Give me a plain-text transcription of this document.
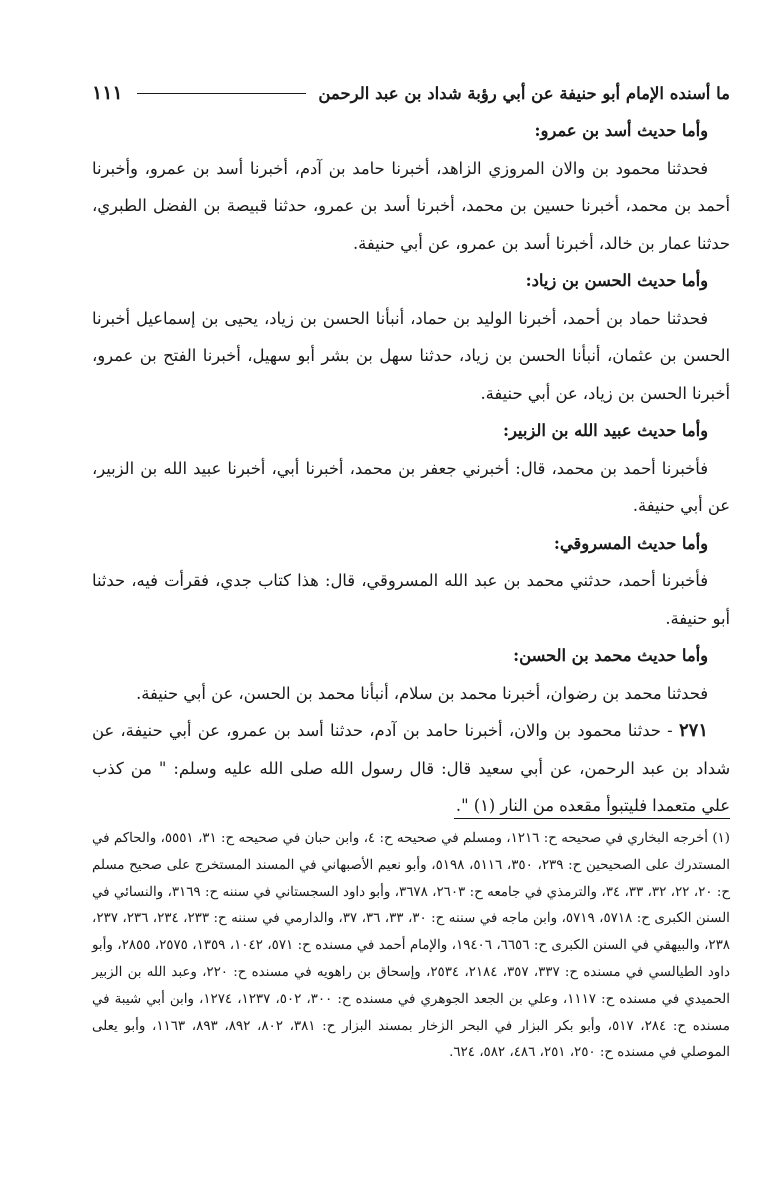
ما أسنده الإمام أبو حنيفة عن أبي رؤبة شداد بن عبد الرحمن
١١١

وأما حديث أسد بن عمرو:

فحدثنا محمود بن والان المروزي الزاهد، أخبرنا حامد بن آدم، أخبرنا أسد بن عمرو، وأخبرنا أحمد بن محمد، أخبرنا حسين بن محمد، أخبرنا أسد بن عمرو، حدثنا قبيصة بن الفضل الطبري، حدثنا عمار بن خالد، أخبرنا أسد بن عمرو، عن أبي حنيفة.

وأما حديث الحسن بن زياد:

فحدثنا حماد بن أحمد، أخبرنا الوليد بن حماد، أنبأنا الحسن بن زياد، يحيى بن إسماعيل أخبرنا الحسن بن عثمان، أنبأنا الحسن بن زياد، حدثنا سهل بن بشر أبو سهيل، أخبرنا الفتح بن عمرو، أخبرنا الحسن بن زياد، عن أبي حنيفة.

وأما حديث عبيد الله بن الزبير:

فأخبرنا أحمد بن محمد، قال: أخبرني جعفر بن محمد، أخبرنا أبي، أخبرنا عبيد الله بن الزبير، عن أبي حنيفة.

وأما حديث المسروقي:

فأخبرنا أحمد، حدثني محمد بن عبد الله المسروقي، قال: هذا كتاب جدي، فقرأت فيه، حدثنا أبو حنيفة.

وأما حديث محمد بن الحسن:

فحدثنا محمد بن رضوان، أخبرنا محمد بن سلام، أنبأنا محمد بن الحسن، عن أبي حنيفة.

٢٧١ - حدثنا محمود بن والان، أخبرنا حامد بن آدم، حدثنا أسد بن عمرو، عن أبي حنيفة، عن شداد بن عبد الرحمن، عن أبي سعيد قال: قال رسول الله صلى الله عليه وسلم: " من كذب علي متعمدا فليتبوأ مقعده من النار (١) ".

(١) أخرجه البخاري في صحيحه ح: ١٢١٦، ومسلم في صحيحه ح: ٤، وابن حبان في صحيحه ح: ٣١، ٥٥٥١، والحاكم في المستدرك على الصحيحين ح: ٢٣٩، ٣٥٠، ٥١١٦، ٥١٩٨، وأبو نعيم الأصبهاني في المسند المستخرج على صحيح مسلم ح: ٢٠، ٢٢، ٣٢، ٣٣، ٣٤، والترمذي في جامعه ح: ٢٦٠٣، ٣٦٧٨، وأبو داود السجستاني في سننه ح: ٣١٦٩، والنسائي في السنن الكبرى ح: ٥٧١٨، ٥٧١٩، وابن ماجه في سننه ح: ٣٠، ٣٣، ٣٦، ٣٧، والدارمي في سننه ح: ٢٣٣، ٢٣٤، ٢٣٦، ٢٣٧، ٢٣٨، والبيهقي في السنن الكبرى ح: ٦٦٥٦، ١٩٤٠٦، والإمام أحمد في مسنده ح: ٥٧١، ١٠٤٢، ١٣٥٩، ٢٥٧٥، ٢٨٥٥، وأبو داود الطيالسي في مسنده ح: ٣٣٧، ٣٥٧، ٢١٨٤، ٢٥٣٤، وإسحاق بن راهويه في مسنده ح: ٢٢٠، وعبد الله بن الزبير الحميدي في مسنده ح: ١١١٧، وعلي بن الجعد الجوهري في مسنده ح: ٣٠٠، ٥٠٢، ١٢٣٧، ١٢٧٤، وابن أبي شيبة في مسنده ح: ٢٨٤، ٥١٧، وأبو بكر البزار في البحر الزخار بمسند البزار ح: ٣٨١، ٨٠٢، ٨٩٢، ٨٩٣، ١١٦٣، وأبو يعلى الموصلي في مسنده ح: ٢٥٠، ٢٥١، ٤٨٦، ٥٨٢، ٦٢٤.
